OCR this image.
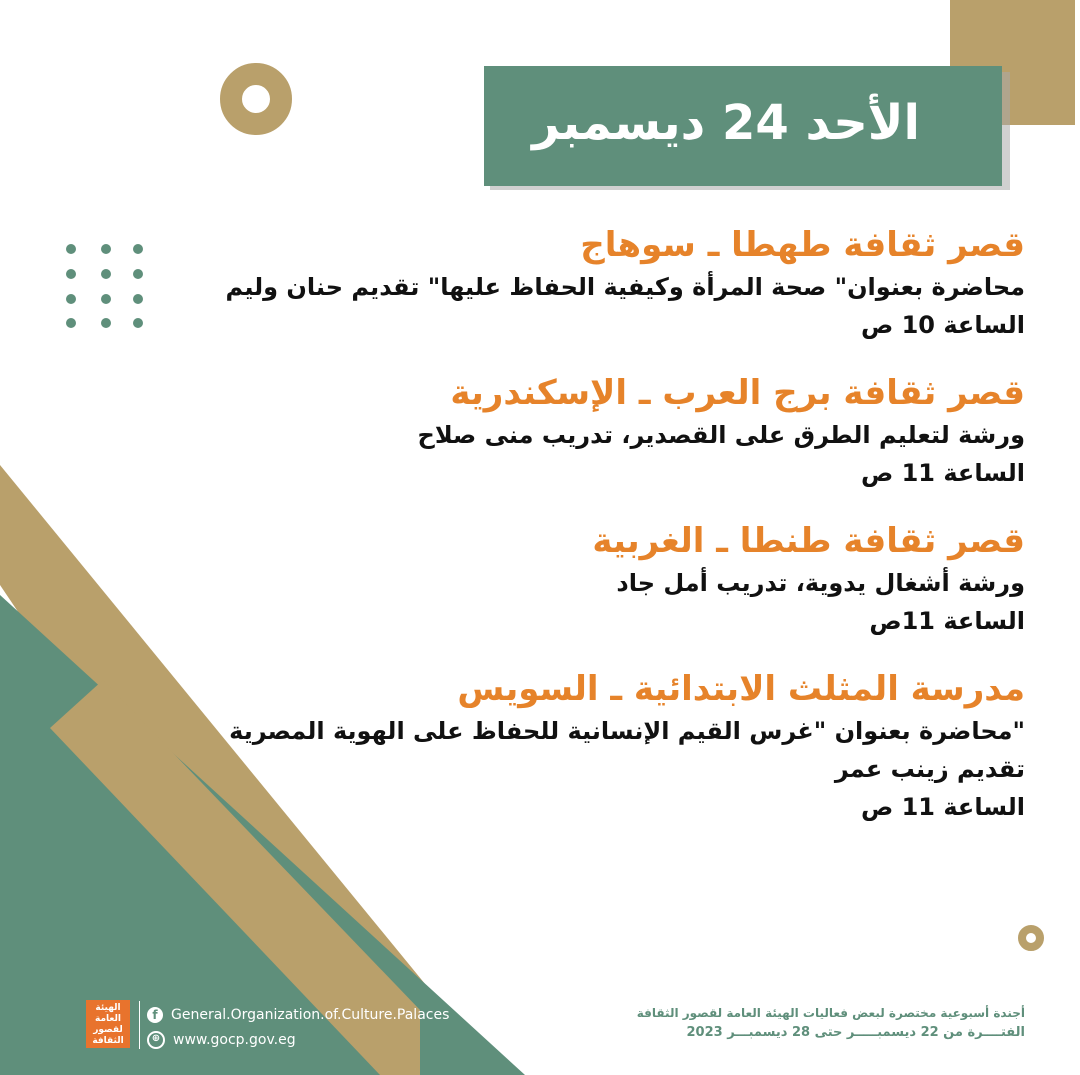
الأحد 24 ديسمبر
قصر ثقافة طهطا ـ سوهاج
محاضرة بعنوان" صحة المرأة وكيفية الحفاظ عليها" تقديم حنان وليم
الساعة 10 ص
قصر ثقافة برج العرب ـ الإسكندرية
ورشة لتعليم الطرق على القصدير، تدريب منى صلاح
الساعة 11 ص
قصر ثقافة طنطا ـ الغربية
ورشة أشغال يدوية، تدريب أمل جاد
الساعة 11ص
مدرسة المثلث الابتدائية ـ السويس
"محاضرة بعنوان "غرس القيم الإنسانية للحفاظ على الهوية المصرية
تقديم زينب عمر
الساعة 11 ص
الهيئة العامة لقصور الثقافة
f General.Organization.of.Culture.Palaces
⊕ www.gocp.gov.eg
أجندة أسبوعية مختصرة لبعض فعاليات الهيئة العامة لقصور الثقافة
الفتــــرة من 22 ديسمبـــــر حتى 28 ديسمبـــر 2023
